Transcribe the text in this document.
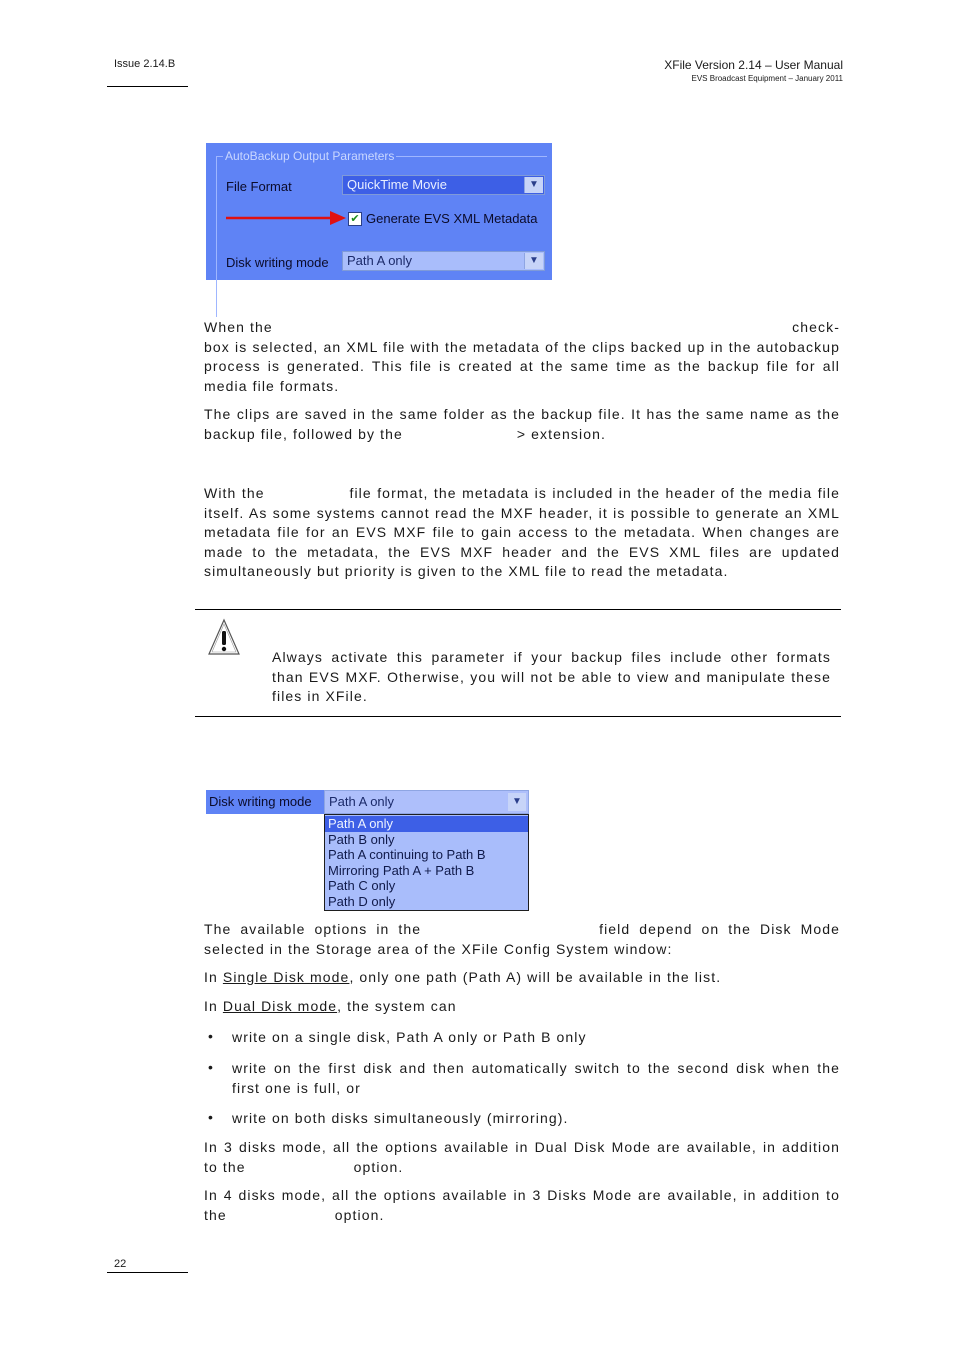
Issue 2.14.B	XFile Version 2.14 – User Manual
EVS Broadcast Equipment – January 2011
AutoBackup Output Parameters
File Format	QuickTime Movie	▼
✔ Generate EVS XML Metadata
Disk writing mode Path A only	▼
When the	check-
box is selected, an XML file with the metadata of the clips backed up in the autobackup process is generated. This file is created at the same time as the backup file for all media file formats.
The clips are saved in the same folder as the backup file. It has the same name as the backup file, followed by the	> extension.
With the	file format, the metadata is included in the header of the media file itself. As some systems cannot read the MXF header, it is possible to generate an XML metadata file for an EVS MXF file to gain access to the metadata. When changes are made to the metadata, the EVS MXF header and the EVS XML files are updated simultaneously but priority is given to the XML file to read the metadata.
Always activate this parameter if your backup files include other formats than EVS MXF. Otherwise, you will not be able to view and manipulate these files in XFile.
Disk writing mode	Path A only	▼
Path A only
Path B only
Path A continuing to Path B
Mirroring Path A + Path B
Path C only
Path D only
The available options in the	field depend on the Disk Mode selected in the Storage area of the XFile Config System window:
In Single Disk mode, only one path (Path A) will be available in the list.
In Dual Disk mode, the system can
• write on a single disk, Path A only or Path B only
• write on the first disk and then automatically switch to the second disk when the first one is full, or
• write on both disks simultaneously (mirroring).
In 3 disks mode, all the options available in Dual Disk Mode are available, in addition to the	option.
In 4 disks mode, all the options available in 3 Disks Mode are available, in addition to the	option.
22
